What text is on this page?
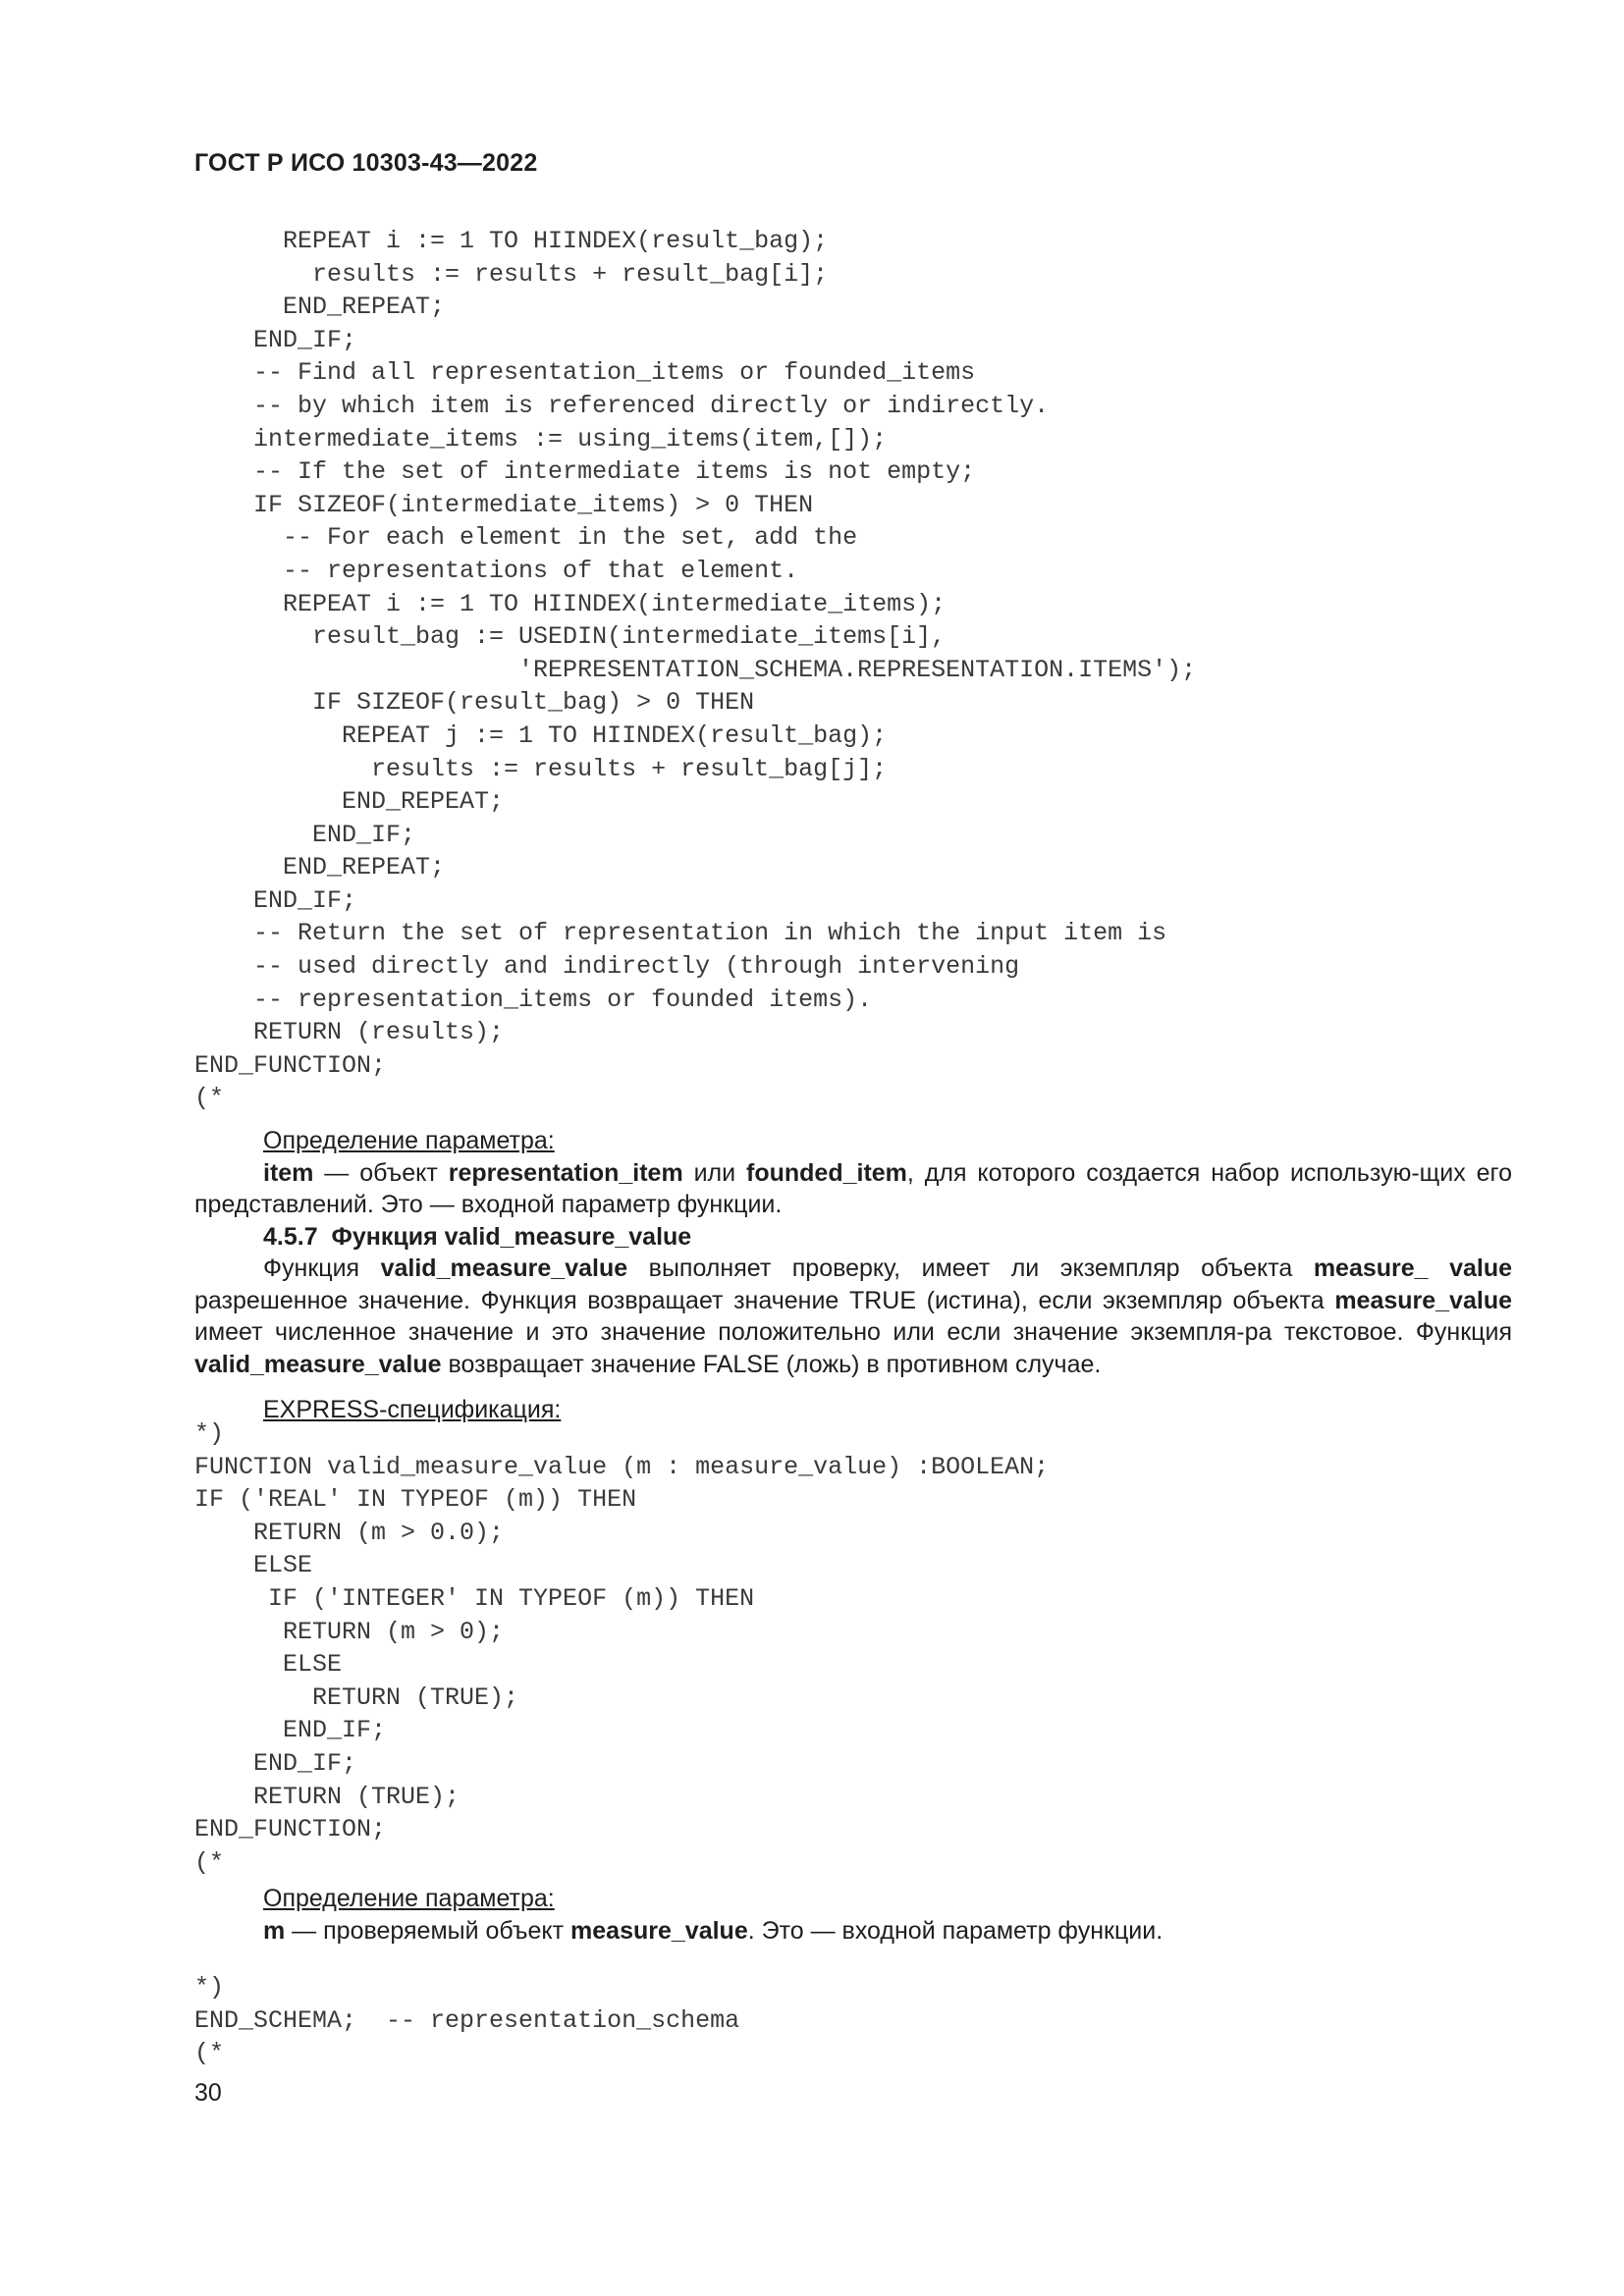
ГОСТ Р ИСО 10303-43—2022
REPEAT i := 1 TO HIINDEX(result_bag);
results := results + result_bag[i];
END_REPEAT;
END_IF;
-- Find all representation_items or founded_items
-- by which item is referenced directly or indirectly.
intermediate_items := using_items(item,[]);
-- If the set of intermediate items is not empty;
IF SIZEOF(intermediate_items) > 0 THEN
-- For each element in the set, add the
-- representations of that element.
REPEAT i := 1 TO HIINDEX(intermediate_items);
result_bag := USEDIN(intermediate_items[i],
'REPRESENTATION_SCHEMA.REPRESENTATION.ITEMS');
IF SIZEOF(result_bag) > 0 THEN
REPEAT j := 1 TO HIINDEX(result_bag);
results := results + result_bag[j];
END_REPEAT;
END_IF;
END_REPEAT;
END_IF;
-- Return the set of representation in which the input item is
-- used directly and indirectly (through intervening
-- representation_items or founded items).
RETURN (results);
END_FUNCTION;
(*

Определение параметра:

item — объект representation_item или founded_item, для которого создается набор использую-щих его представлений. Это — входной параметр функции.

4.5.7 Функция valid_measure_value

Функция valid_measure_value выполняет проверку, имеет ли экземпляр объекта measure_ value разрешенное значение. Функция возвращает значение TRUE (истина), если экземпляр объекта measure_value имеет численное значение и это значение положительно или если значение экземпля-ра текстовое. Функция valid_measure_value возвращает значение FALSE (ложь) в противном случае.

EXPRESS-спецификация:

*)
FUNCTION valid_measure_value (m : measure_value) :BOOLEAN;
IF ('REAL' IN TYPEOF (m)) THEN
RETURN (m > 0.0);
ELSE
IF ('INTEGER' IN TYPEOF (m)) THEN
RETURN (m > 0);
ELSE
RETURN (TRUE);
END_IF;
END_IF;
RETURN (TRUE);
END_FUNCTION;
(*

Определение параметра:

m — проверяемый объект measure_value. Это — входной параметр функции.

*)
END_SCHEMA;  -- representation_schema
(*
30
